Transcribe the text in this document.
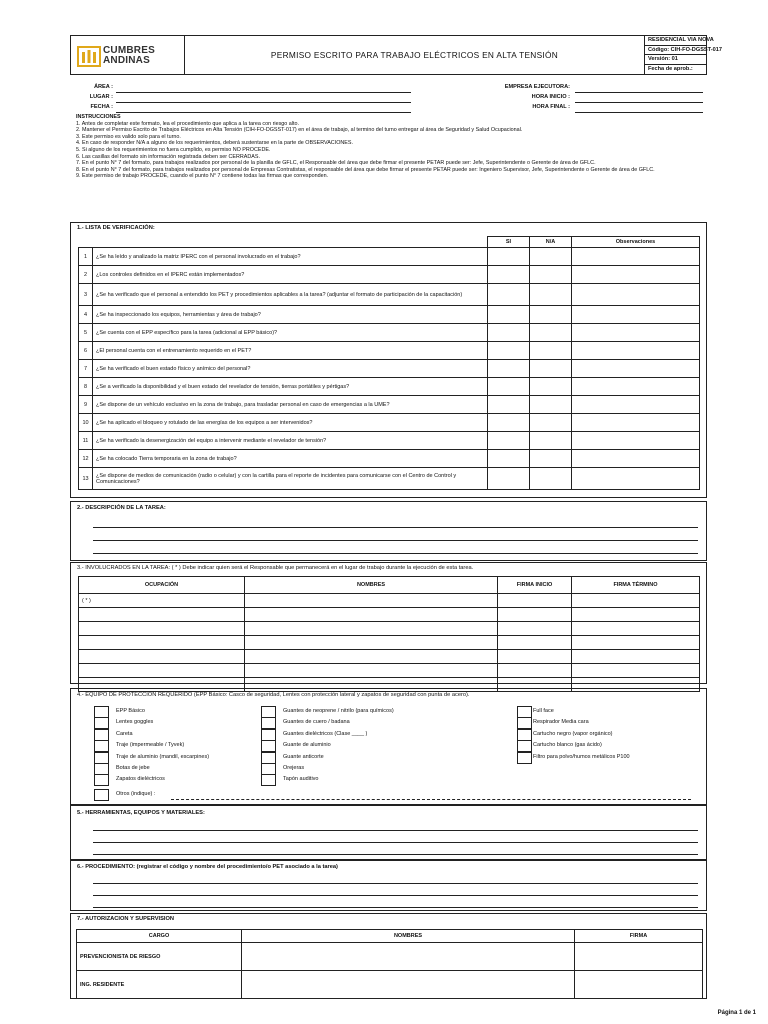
CUMBRES
ANDINAS	PERMISO ESCRITO PARA TRABAJO ELÉCTRICOS EN ALTA TENSIÓN
RESIDENCIAL VIA NOVA
Código: CIH-FO-DGSST-017
Versión: 01
Fecha de aprob.:
ÁREA :
LUGAR :
FECHA :
EMPRESA EJECUTORA:
HORA INICIO :
HORA FINAL :
INSTRUCCIONES
1. Antes de completar este formato, lea el procedimiento que aplica a la tarea con riesgo alto.
2. Mantener el Permiso Escrito de Trabajos Eléctricos en Alta Tensión (CIH-FO-DGSST-017) en el área de trabajo, al termino del turno entregar al área de Seguridad y Salud Ocupacional.
3. Este permiso es valido solo para el turno.
4. En caso de responder N/A a alguno de los requerimientos, deberá sustentarse en la parte de OBSERVACIONES.
5. Si alguno de los requerimientos no fuera cumplido, es permiso NO PROCEDE.
6. Las casillas del formato sin información registrada deben ser CERRADAS.
7. En el punto N° 7 del formato, para trabajos realizados por personal de la planilla de GFLC, el Responsable del área que debe firmar el presente PETAR puede ser: Jefe, Superintendente o Gerente de área de GFLC.
8. En el punto N° 7 del formato, para trabajos realizados por personal de Empresas Contratistas, el responsable del área que debe firmar el presente PETAR puede ser: Ingeniero Supervisor, Jefe, Superintendente o Gerente de área de GFLC.
9. Este permiso de trabajo PROCEDE, cuando el punto N° 7 contiene todas las firmas que corresponden.
1.- LISTA DE VERIFICACIÓN:
		SI	N/A	Observaciones
1	¿Se ha leído y analizado la matriz IPERC con el personal involucrado en el trabajo?			
2	¿Los controles definidos en el IPERC están implementados?			
3	¿Se ha verificado que el personal a entendido los PET y procedimientos aplicables a la tarea? (adjuntar el formato de participación de la capacitación)			
4	¿Se ha inspeccionado los equipos, herramientas y área de trabajo?			
5	¿Se cuenta con el EPP específico para la tarea (adicional al EPP básico)?			
6	¿El personal cuenta con el entrenamiento requerido en el PET?			
7	¿Se ha verificado el buen estado físico y anímico del personal?			
8	¿Se a verificado la disponibilidad y el buen estado del revelador de tensión, tierras portátiles y pértigas?			
9	¿Se dispone de un vehículo exclusivo en la zona de trabajo, para trasladar personal en caso de emergencias a la UME?			
10	¿Se ha aplicado el bloqueo y rotulado de las energías de los equipos a ser intervenidos?			
11	¿Se ha verificado la desenergización del equipo a intervenir mediante el revelador de tensión?			
12	¿Se ha colocado Tierra temporaria en la zona de trabajo?			
13	¿Se dispone de medios de comunicación (radio o celular) y con la cartilla para el reporte de incidentes para comunicarse con el Centro de Control y Comunicaciones?			
2.- DESCRIPCIÓN DE LA TAREA:
3.- INVOLUCRADOS EN LA TAREA: ( * ) Debe indicar quien será el Responsable que permanecerá en el lugar de trabajo durante la ejecución de esta tarea.
OCUPACIÓN	NOMBRES	FIRMA INICIO	FIRMA TÉRMINO
( * )			

4.- EQUIPO DE PROTECCIÓN REQUERIDO (EPP Básico: Casco de seguridad, Lentes con protección lateral y zapatos de seguridad con punta de acero).
EPP Básico
Lentes goggles
Careta
Traje (impermeable / Tyvek)
Traje de aluminio (mandil, escarpines)
Botas de jebe
Zapatos dieléctricos
Guantes de neoprene / nitrilo (para químicos)
Guantes de cuero / badana
Guantes dieléctricos (Clase ____ )
Guante de aluminio
Guante anticorte
Orejeras
Tapón auditivo
Full face
Respirador Media cara
Cartucho negro (vapor orgánico)
Cartucho blanco (gas ácido)
Filtro para polvo/humos metálicos P100
Otros (indique) :
5.- HERRAMIENTAS, EQUIPOS Y MATERIALES:
6.- PROCEDIMIENTO: (registrar el código y nombre del procedimiento/o PET asociado a la tarea)
7.- AUTORIZACION Y SUPERVISION
CARGO	NOMBRES	FIRMA
PREVENCIONISTA DE RIESGO		
ING. RESIDENTE		
Página 1 de 1
